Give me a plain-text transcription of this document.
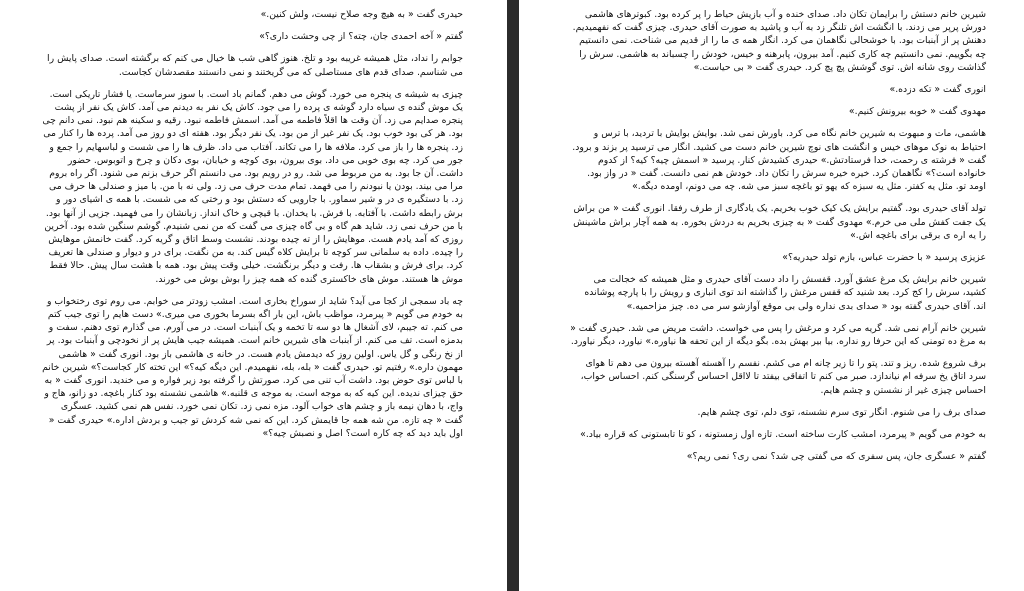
حیدری گفت « به هیچ وجه صلاح نیست، ولش کنین.»

گفتم « آخه احمدی جان، چته؟ از چی وحشت داری؟»

جوابم را نداد، مثل همیشه غریبه بود و تلخ. هنوز گاهی شب ها خیال می کنم که برگشته است. صدای پایش را می شناسم. صدای قدم های مستاصلی که می گریختند و نمی دانستند مقصدشان کجاست.

چیزی به شیشه ی پنجره می خورد. گوش می دهم. گمانم باد است. با سوز سرماست. یا فشار تاریکی است. یک موش گنده ی سیاه دارد گوشه ی پرده را می جود. کاش یک نفر به دیدنم می آمد. کاش یک نفر از پشت پنجره صدایم می زد. آن وقت ها اقلاً فاطمه می آمد. اسمش فاطمه نبود. رقیه و سکینه هم نبود. نمی دانم چی بود. هر کی بود خوب بود. یک نفر غیر از من بود. یک نفر دیگر بود. هفته ای دو روز می آمد. پرده ها را کنار می زد. پنجره ها را باز می کرد. ملافه ها را می تکاند. آفتاب می داد. ظرف ها را می شست و لباسهایم را جمع و جور می کرد. چه بوی خوبی می داد. بوی بیرون، بوی کوچه و خیابان، بوی دکان و چرخ و اتوبوس. حضور داشت. آن جا بود. به من مربوط می شد. رو در رویم بود. می دانستم اگر حرف بزنم می شنود. اگر راه بروم مرا می بیند. بودن یا نبودنم را می فهمد. تمام مدت حرف می زد. ولی نه با من. با میز و صندلی ها حرف می زد. با دستگیره ی در و شیر سماور. با جارویی که دستش بود و رختی که می شست. با همه ی اشیای دور و برش رابطه داشت. با آفتابه. با فرش. با یخدان. با قیچی و خاک انداز. زبانشان را می فهمید. جزیی از آنها بود. با من حرف نمی زد. شاید هم گاه و بی گاه چیزی می گفت که من نمی شنیدم. گوشم سنگین شده بود. آخرین روزی که آمد یادم هست. موهایش را از ته چیده بودند. نشست وسط اتاق و گریه کرد. گفت خانمش موهایش را چیده. داده به سلمانی سر کوچه تا برایش کلاه گیس کند. به من نگفت. برای در و دیوار و صندلی ها تعریف کرد. برای فرش و بشقاب ها. رفت و دیگر برنگشت. خیلی وقت پیش بود. همه با هشت سال پیش. حالا فقط موش ها هستند. موش های خاکستری گنده که همه چیز را بوش بوش می خورند.

چه باد سمجی از کجا می آید؟ شاید از سوراخ بخاری است. امشب زودتر می خوابم. می روم توی رختخواب و به خودم می گویم « پیرمرد، مواظب باش، این بار اگه بسرما بخوری می میری.» دست هایم را توی جیب کتم می کنم. ته جیبم، لای آشغال ها دو سه تا تخمه و یک آبنبات است. در می آورم. می گذارم توی دهنم. سفت و بدمزه است. تف می کنم. از آبنبات های شیرین خانم است. همیشه جیب هایش پر از نخودچی و آبنبات بود. پر از نخ رنگی و گل یاس. اولین روز که دیدمش یادم هست. در خانه ی هاشمی باز بود. انوری گفت « هاشمی مهمون داره.» رفتیم تو. حیدری گفت « بله، بله، نفهمیدم. این دیگه کیه؟» این تخته کار کجاست؟» شیرین خانم با لباس توی حوض بود. داشت آب تنی می کرد. صورتش را گرفته بود زیر فواره و می خندید. انوری گفت « به حق چیزای ندیده. این کیه که به موجه است. به موجه ی قلنبه.» هاشمی نشسته بود کنار باغچه. دو زانو، هاج و واج، با دهان نیمه باز و چشم های خواب آلود. مزه نمی زد. تکان نمی خورد. نفس هم نمی کشید. عسگری گفت « چه تازه. من شه همه جا قایمش کرد. این که نمی شه کردش تو جیب و بردش اداره.» حیدری گفت « اول باید دید که چه کاره است؟ اصل و نصبش چیه؟»

شیرین خانم دستش را برایمان تکان داد. صدای خنده و آب بازیش حیاط را پر کرده بود. کبوترهای هاشمی دورش پرپر می زدند. با انگشت اش تلنگر زد به آب و پاشید به صورت آقای حیدری. چیزی گفت که نفهمیدیم. دهنش پر از آبنبات بود. با خوشحالی نگاهمان می کرد. انگار همه ی ما را از قدیم می شناخت. نمی دانستیم چه بگوییم. نمی دانستیم چه کاری کنیم. آمد بیرون، پابرهنه و خیس، خودش را چسباند به هاشمی. سرش را گذاشت روی شانه اش. توی گوشش پچ پچ کرد. حیدری گفت « بی حیاست.»

انوری گفت « تکه دزده.»

مهدوی گفت « خوبه بیرونش کنیم.»

هاشمی، مات و مبهوت به شیرین خانم نگاه می کرد. باورش نمی شد. بوایش بوایش با تردید، با ترس و احتیاط به نوک موهای خیس و انگشت های نوچ شیرین خانم دست می کشید. انگار می ترسید پر بزند و برود. گفت « فرشته ی رحمت، خدا فرستادتش.» حیدری کشیدش کنار. پرسید « اسمش چیه؟ کیه؟ از کدوم خانواده است؟» نگاهمان کرد. خیره خیره سرش را تکان داد. خودش هم نمی دانست. گفت « در واز بود. اومد تو. مثل یه کفتر. مثل یه سبزه که یهو تو باغچه سبز می شه. چه می دونم، اومده دیگه.»

تولد آقای حیدری بود. گفتیم برایش یک کیک خوب بخریم. یک یادگاری از طرف رفقا. انوری گفت « من براش یک جفت کفش ملی می خرم.» مهدوی گفت « به چیزی بخریم به دردش بخوره. به همه آچار براش ماشینش را یه اره ی برقی برای باغچه اش.»

عزیزی پرسید « با حضرت عباس، بازم تولد حیدریه؟»

شیرین خانم برایش یک مرغ عشق آورد. قفسش را داد دست آقای حیدری و مثل همیشه که خجالت می کشید، سرش را کج کرد. بعد شنید که قفس مرغش را گذاشته اند توی انباری و رویش را با پارچه پوشانده اند. آقای حیدری گفته بود « صدای بدی نداره ولی بی موقع آوازشو سر می ده. چیز مزاحمیه.»

شیرین خانم آرام نمی شد. گریه می کرد و مرغش را پس می خواست. داشت مریض می شد. حیدری گفت « به مرغ ده تومنی که این حرفا رو نداره. بیا بیر بهش بده. بگو دیگه از این تحفه ها نیاوره.» نیاورد، دیگر نیاورد.

برف شروع شده. ریز و تند. پتو را تا زیر چانه ام می کشم. نفسم را آهسته آهسته بیرون می دهم تا هوای سرد اتاق یخ سرفه ام نیاندازد. صبر می کنم تا اتفاقی بیفتد تا لااقل احساس گرسنگی کنم. احساس خواب، احساس چیزی غیر از نشستن و چشم هایم.

صدای برف را می شنوم. انگار توی سرم نشسته، توی دلم، توی چشم هایم.

به خودم می گویم « پیرمرد، امشب کارت ساخته است. تازه اول زمستونه ، کو تا تابستونی که قراره بیاد.»

گفتم « عسگری جان، پس سفری که می گفتی چی شد؟ نمی ری؟ نمی ریم؟»
